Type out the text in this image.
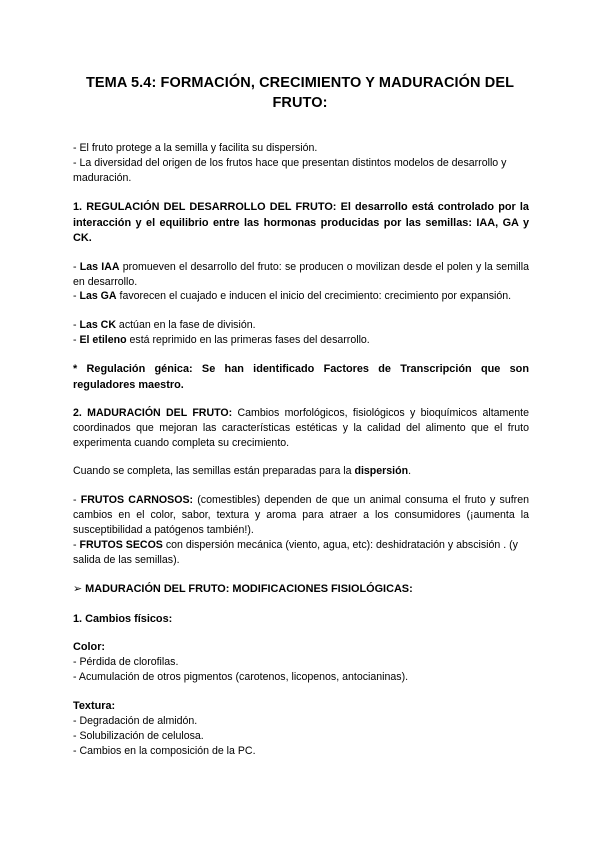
TEMA 5.4: FORMACIÓN, CRECIMIENTO Y MADURACIÓN DEL FRUTO:

- El fruto protege a la semilla y facilita su dispersión.

- La diversidad del origen de los frutos hace que presentan distintos modelos de desarrollo y maduración.

1. REGULACIÓN DEL DESARROLLO DEL FRUTO: El desarrollo está controlado por la interacción y el equilibrio entre las hormonas producidas por las semillas: IAA, GA y CK.

- Las IAA promueven el desarrollo del fruto: se producen o movilizan desde el polen y la semilla en desarrollo.

- Las GA favorecen el cuajado e inducen el inicio del crecimiento: crecimiento por expansión.

- Las CK actúan en la fase de división.

- El etileno está reprimido en las primeras fases del desarrollo.

* Regulación génica: Se han identificado Factores de Transcripción que son reguladores maestro.

2. MADURACIÓN DEL FRUTO: Cambios morfológicos, fisiológicos y bioquímicos altamente coordinados que mejoran las características estéticas y la calidad del alimento que el fruto experimenta cuando completa su crecimiento.

Cuando se completa, las semillas están preparadas para la dispersión.

- FRUTOS CARNOSOS: (comestibles) dependen de que un animal consuma el fruto y sufren cambios en el color, sabor, textura y aroma para atraer a los consumidores (¡aumenta la susceptibilidad a patógenos también!).

- FRUTOS SECOS con dispersión mecánica (viento, agua, etc): deshidratación y abscisión . (y salida de las semillas).

➢ MADURACIÓN DEL FRUTO: MODIFICACIONES FISIOLÓGICAS:

1. Cambios físicos:

Color:

- Pérdida de clorofilas.

- Acumulación de otros pigmentos (carotenos, licopenos, antocianinas).

Textura:

- Degradación de almidón.

- Solubilización de celulosa.

- Cambios en la composición de la PC.
